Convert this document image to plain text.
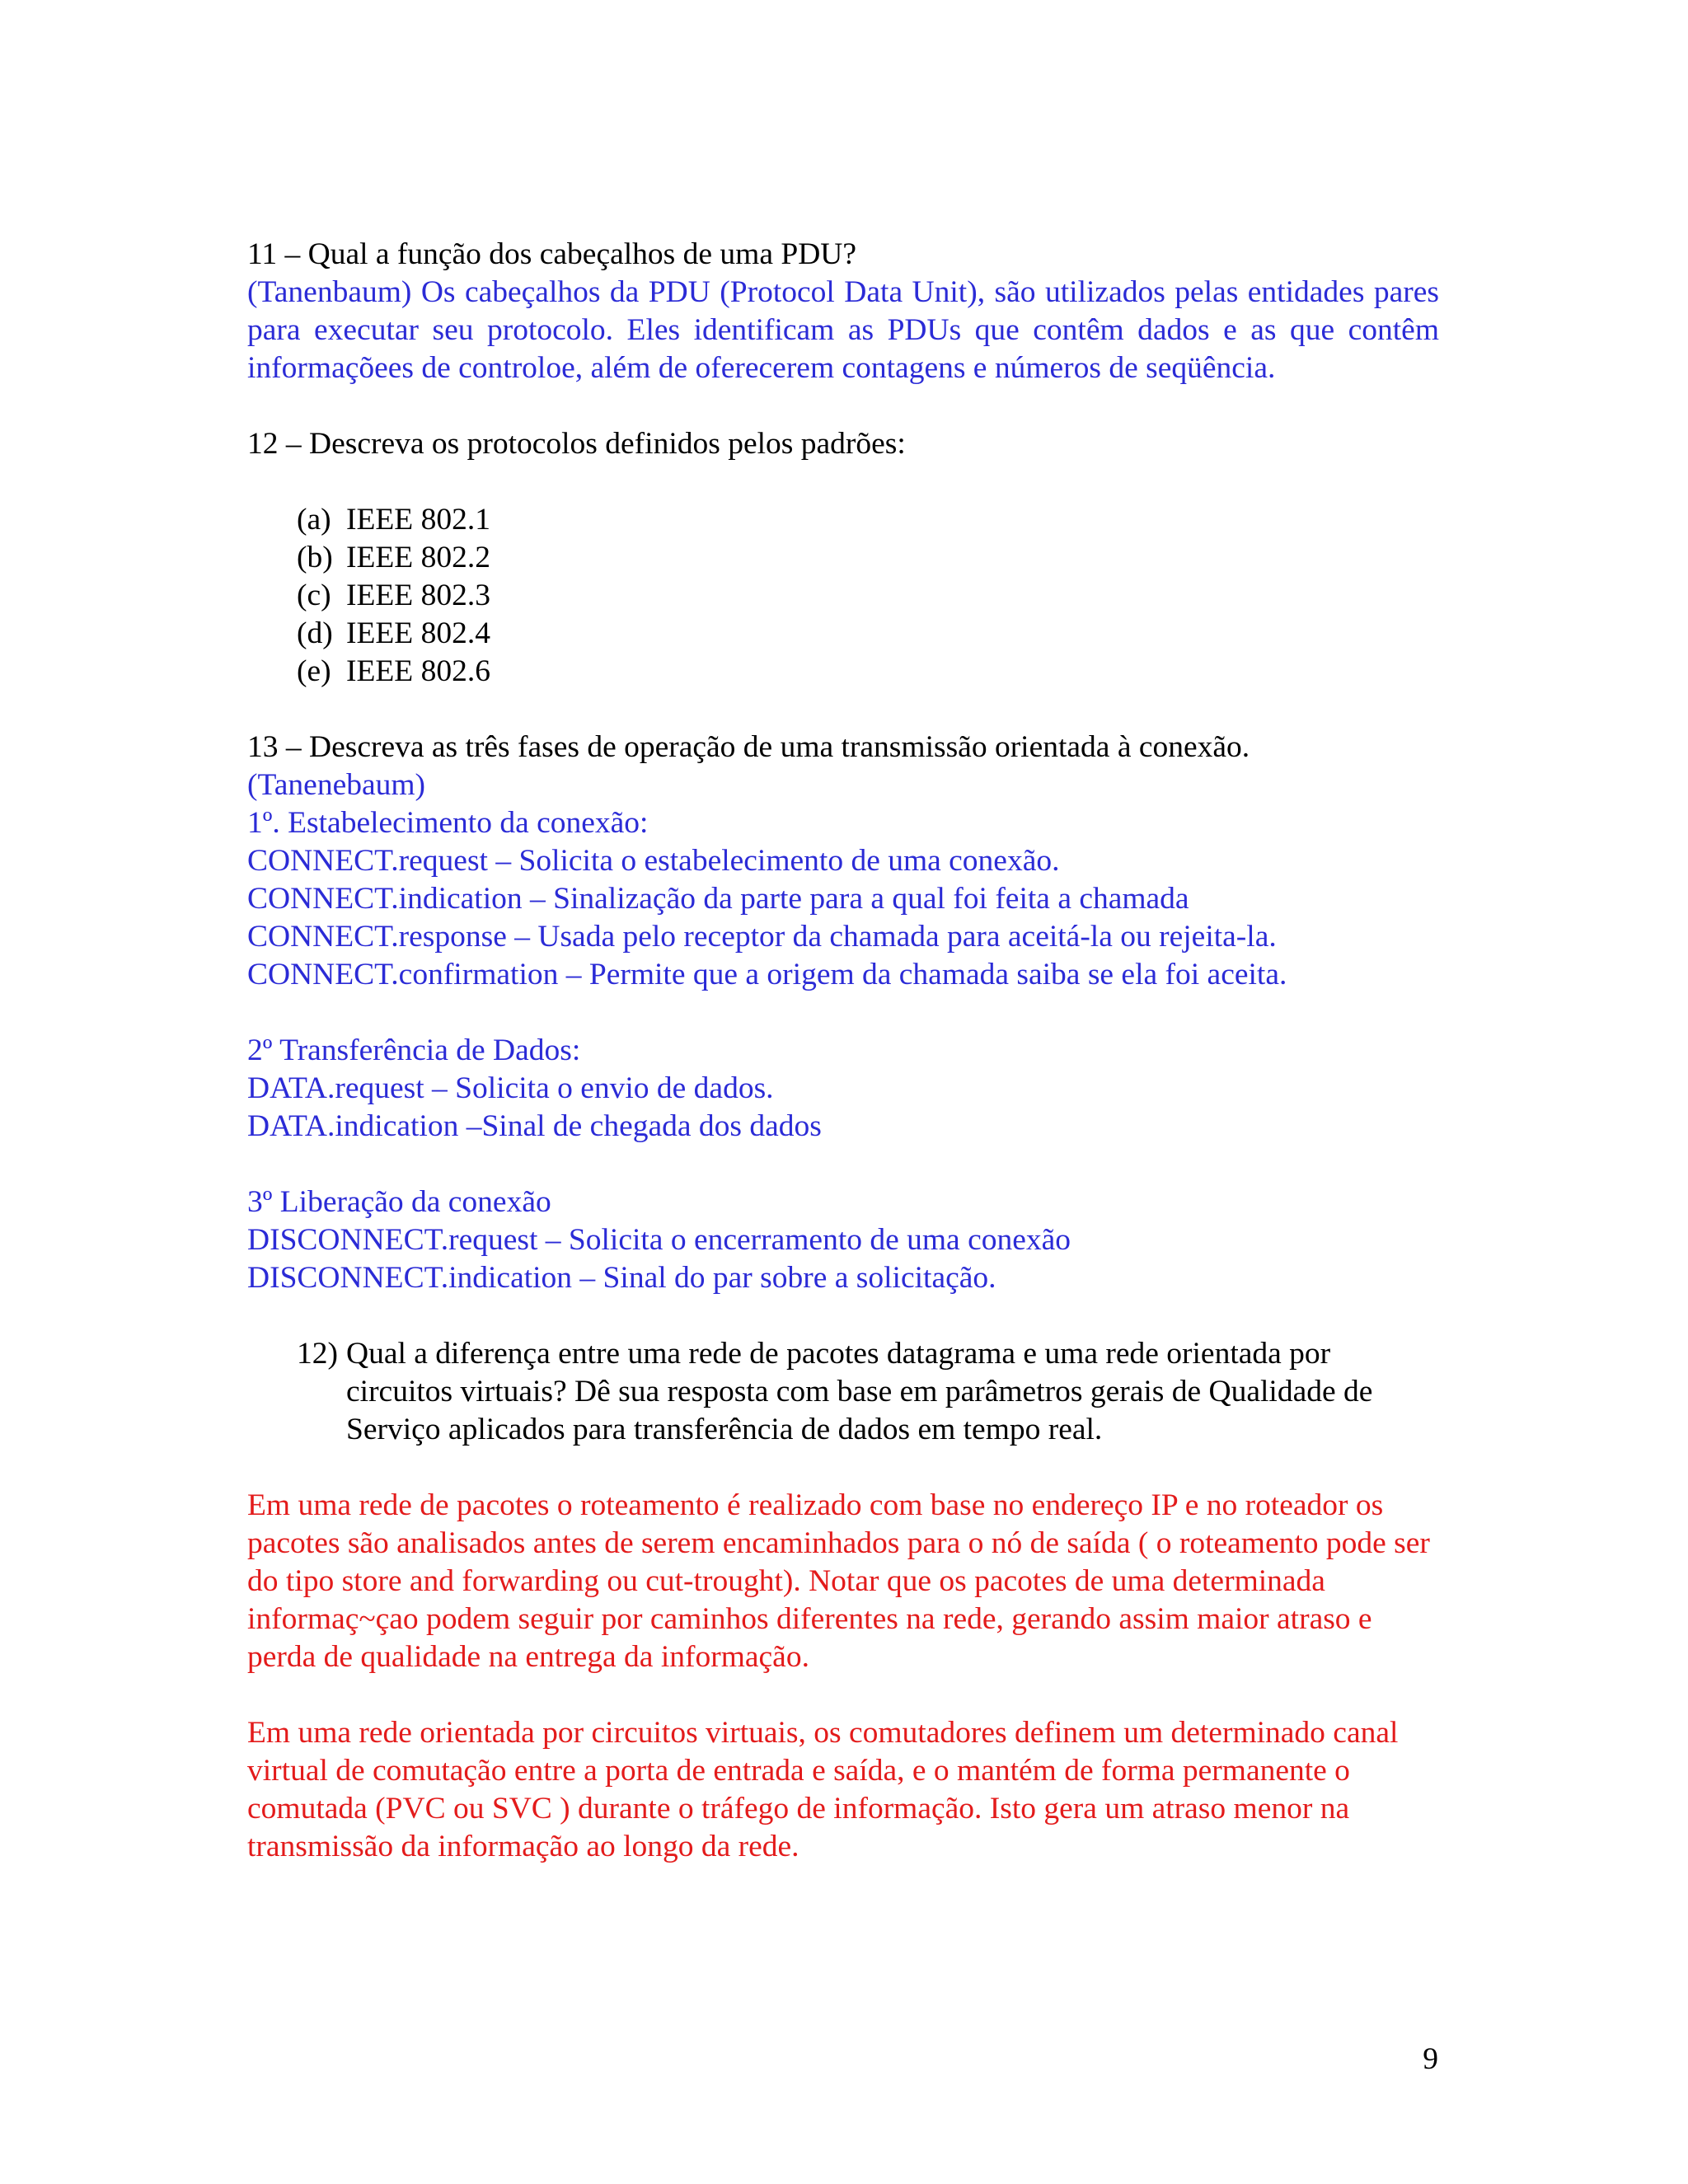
11 – Qual a função dos cabeçalhos de uma PDU?

(Tanenbaum) Os cabeçalhos da PDU (Protocol Data Unit), são utilizados pelas entidades pares para executar seu protocolo. Eles identificam as PDUs que contêm dados e as que contêm informaçõees de controloe, além de oferecerem contagens e números de seqüência.

12 – Descreva os protocolos definidos pelos padrões:

(a) IEEE 802.1
(b) IEEE 802.2
(c) IEEE 802.3
(d) IEEE 802.4
(e) IEEE 802.6

13 – Descreva as três fases de operação de uma transmissão orientada à conexão.

(Tanenebaum)

1º. Estabelecimento da conexão:

CONNECT.request – Solicita o estabelecimento de uma conexão.

CONNECT.indication – Sinalização da parte para a qual foi feita a chamada

CONNECT.response – Usada pelo receptor da chamada para aceitá-la ou rejeita-la.

CONNECT.confirmation – Permite que a origem da chamada saiba se ela foi aceita.

2º Transferência de Dados:

DATA.request – Solicita o envio de dados.

DATA.indication –Sinal de chegada dos dados

3º Liberação da conexão

DISCONNECT.request – Solicita o encerramento de uma conexão

DISCONNECT.indication – Sinal do par sobre a solicitação.

12) Qual a diferença entre uma rede de pacotes datagrama e uma rede orientada por circuitos virtuais? Dê sua resposta com base em parâmetros gerais de Qualidade de Serviço aplicados para transferência de dados em tempo real.

Em uma rede de pacotes o roteamento é realizado com base no endereço IP e no roteador os pacotes são analisados antes de serem encaminhados para o nó de saída ( o roteamento pode ser do tipo store and forwarding ou cut-trought). Notar que os pacotes de uma determinada informaç~çao podem seguir por caminhos diferentes na rede, gerando assim maior atraso e perda de qualidade na entrega da informação.

Em uma rede orientada por circuitos virtuais, os comutadores definem um determinado canal virtual de comutação entre a porta de entrada e saída, e o mantém de forma permanente o comutada (PVC ou SVC ) durante o tráfego de informação. Isto gera um atraso menor na transmissão da informação ao longo da rede.

9
